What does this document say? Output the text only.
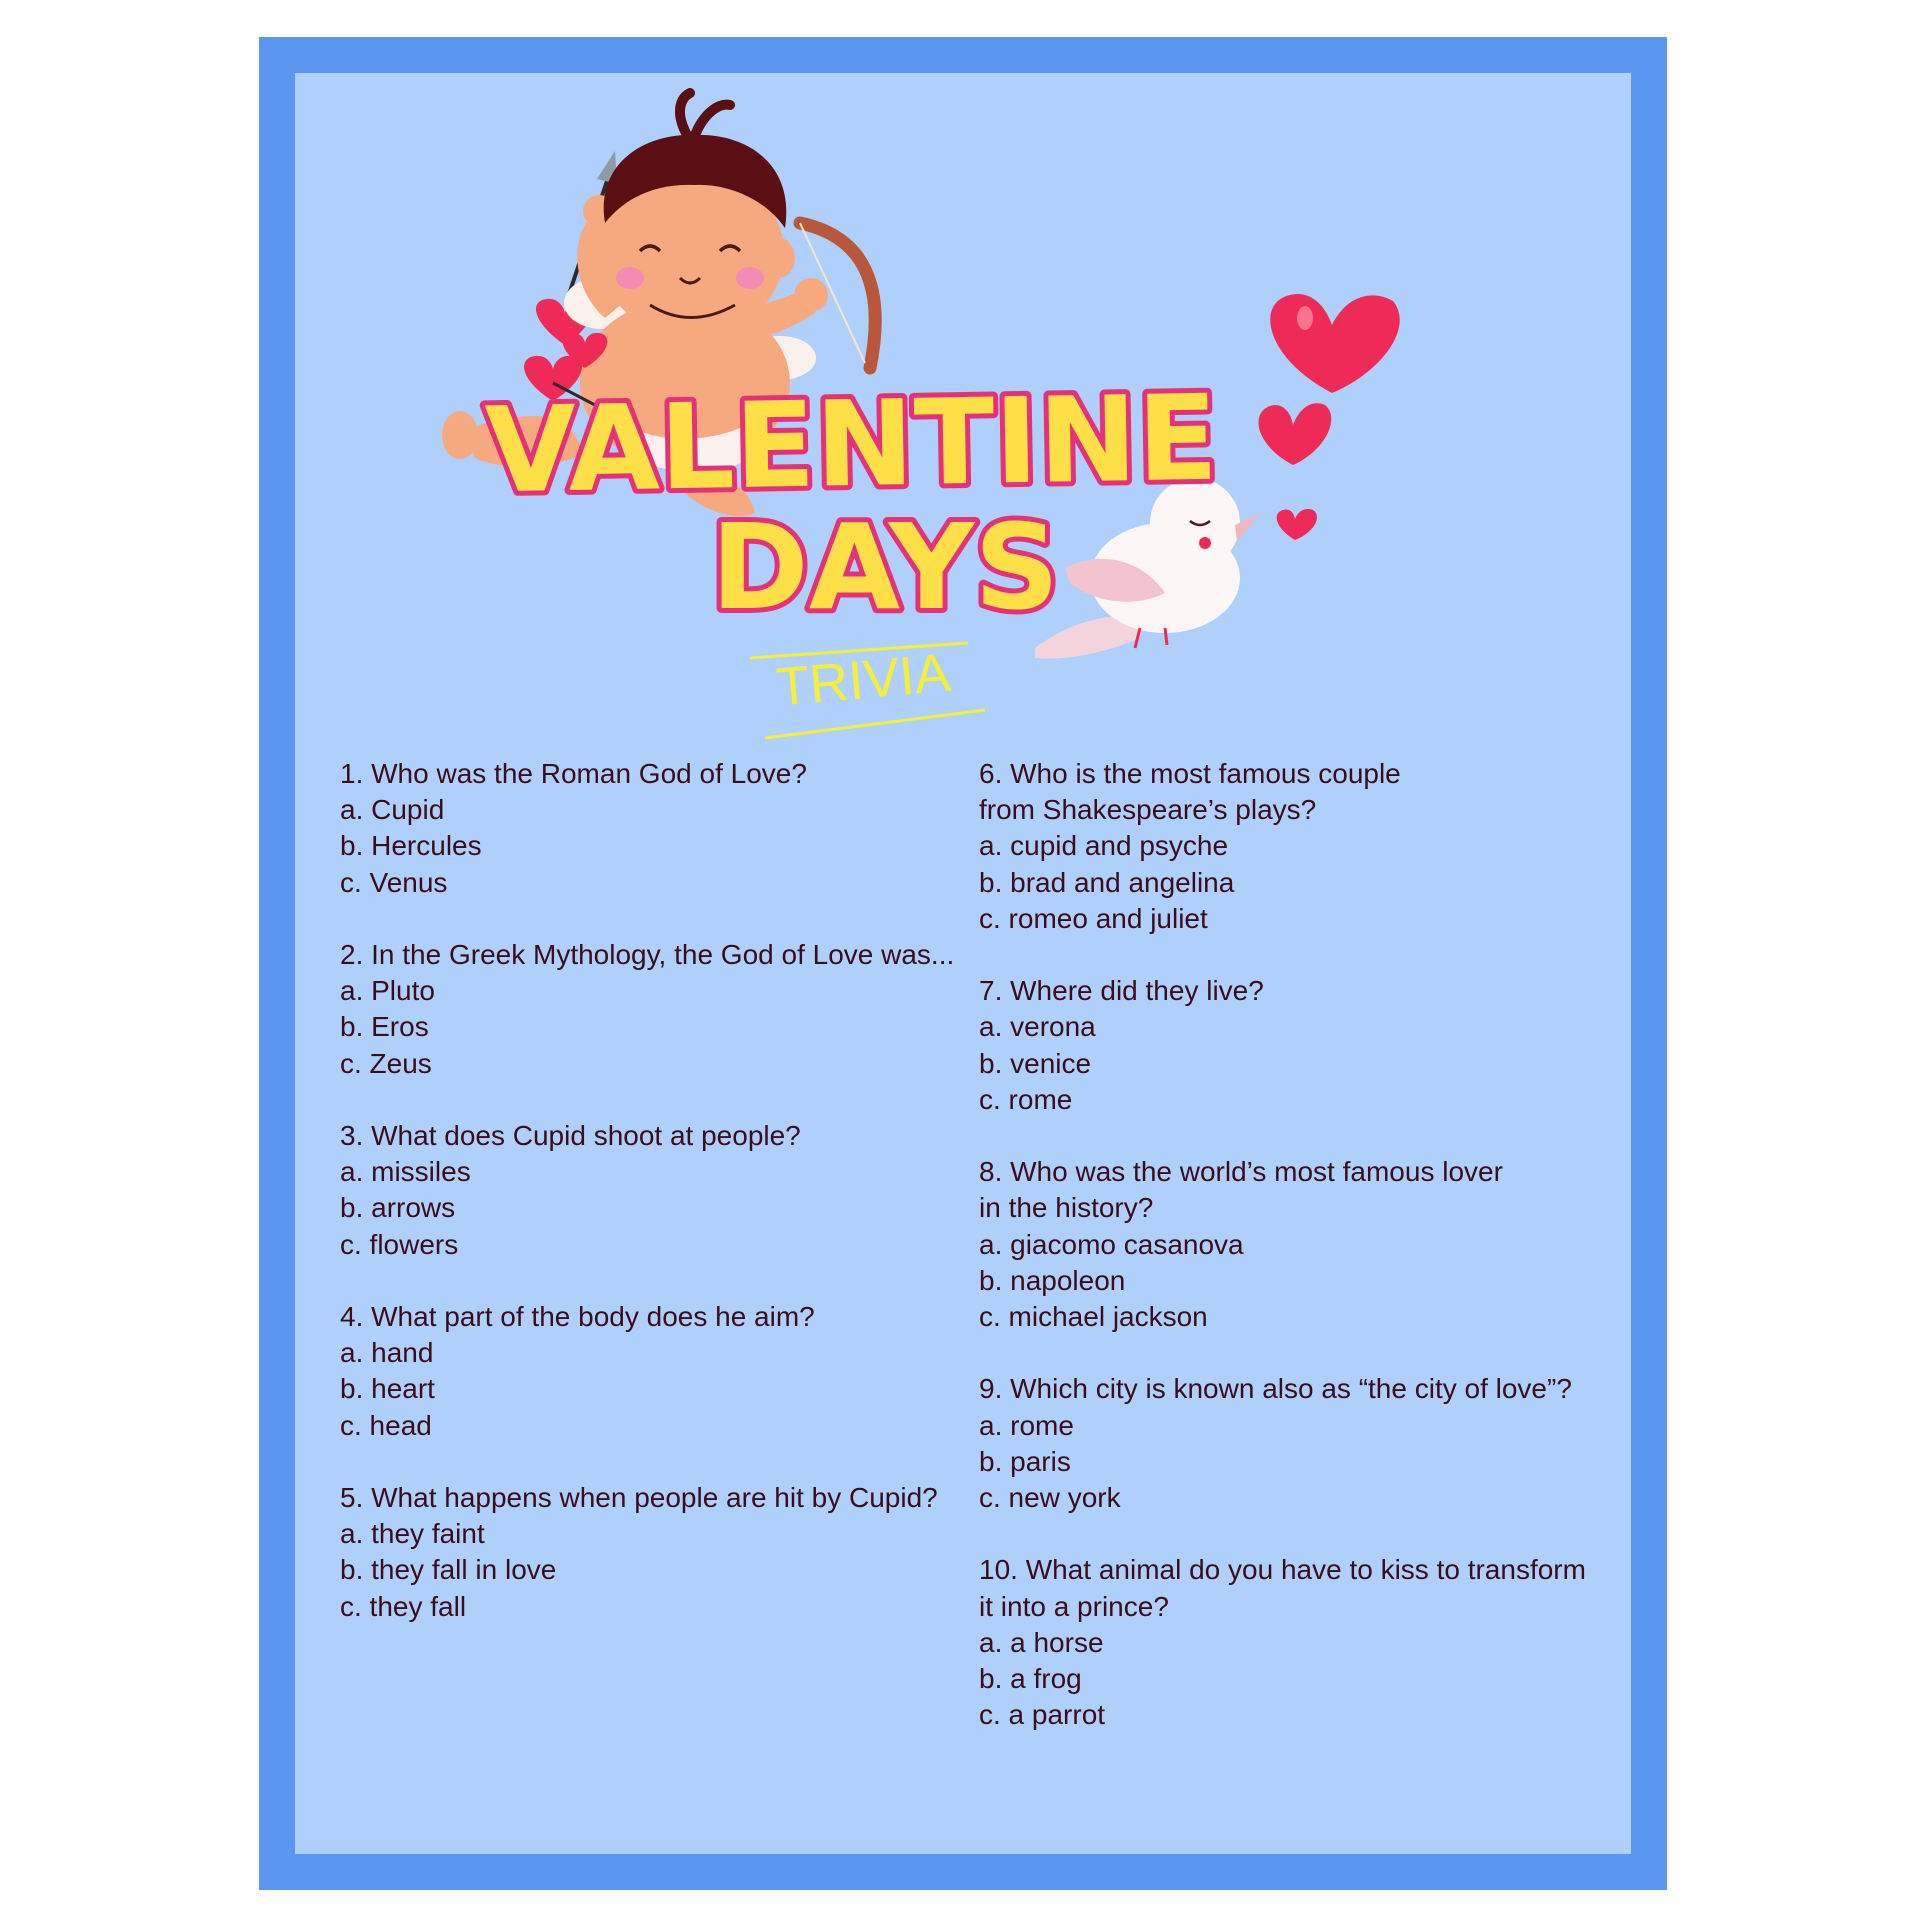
VALENTINE
DAYS
TRIVIA
1. Who was the Roman God of Love?
a. Cupid
b. Hercules
c. Venus
2. In the Greek Mythology, the God of Love was...
a. Pluto
b. Eros
c. Zeus
3. What does Cupid shoot at people?
a. missiles
b. arrows
c. flowers
4. What part of the body does he aim?
a. hand
b. heart
c. head
5. What happens when people are hit by Cupid?
a. they faint
b. they fall in love
c. they fall
6. Who is the most famous couple
from Shakespeare’s plays?
a. cupid and psyche
b. brad and angelina
c. romeo and juliet
7. Where did they live?
a. verona
b. venice
c. rome
8. Who was the world’s most famous lover
in the history?
a. giacomo casanova
b. napoleon
c. michael jackson
9. Which city is known also as “the city of love”?
a. rome
b. paris
c. new york
10. What animal do you have to kiss to transform
it into a prince?
a. a horse
b. a frog
c. a parrot
